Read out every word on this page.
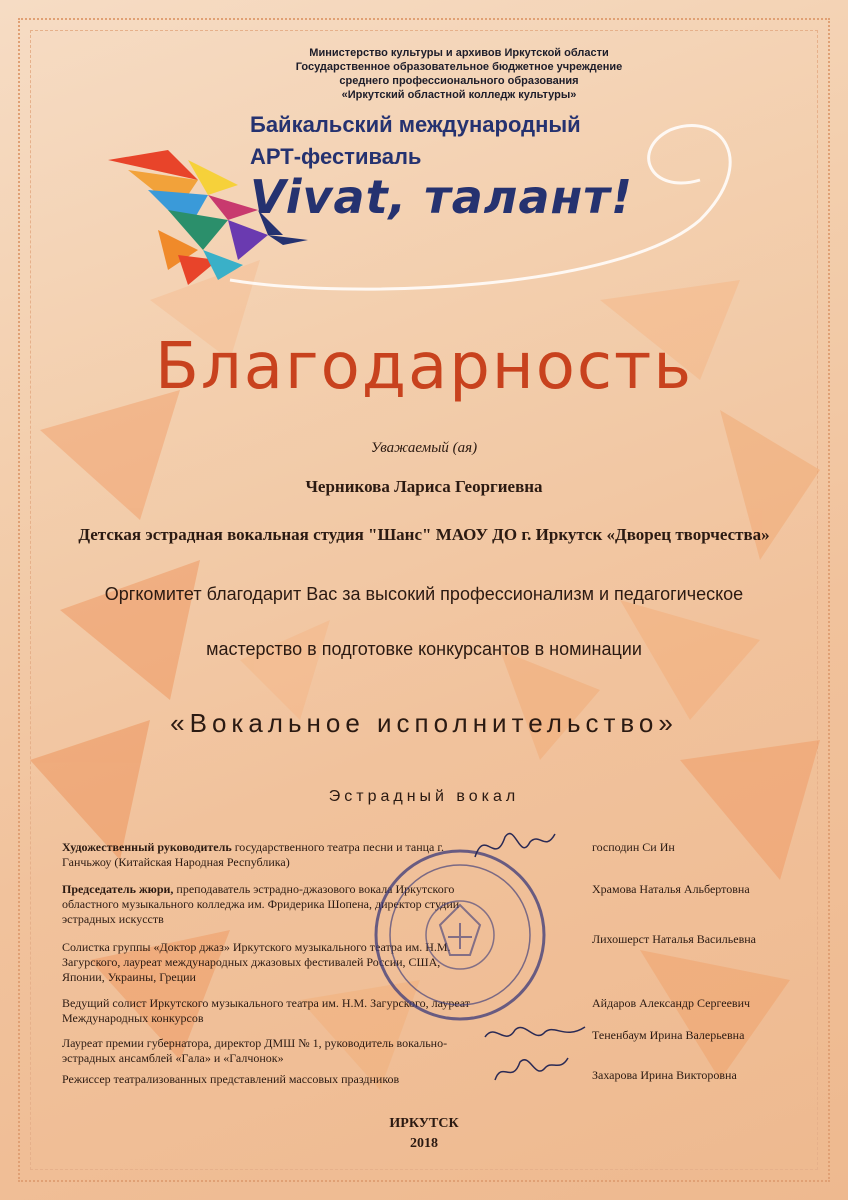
Министерство культуры и архивов Иркутской области
Государственное образовательное бюджетное учреждение
среднего профессионального образования
«Иркутский областной колледж культуры»
Байкальский международный
АРТ-фестиваль
Vivat, талант!
Благодарность
Уважаемый (ая)
Черникова Лариса Георгиевна
Детская эстрадная вокальная студия "Шанс" МАОУ ДО г. Иркутск «Дворец творчества»
Оргкомитет благодарит Вас за высокий профессионализм и педагогическое
мастерство в подготовке конкурсантов в номинации
«Вокальное исполнительство»
Эстрадный вокал
Художественный руководитель государственного театра песни и танца г. Ганчьжоу (Китайская Народная Республика)
господин Си Ин
Председатель жюри, преподаватель эстрадно-джазового вокала Иркутского областного музыкального колледжа им. Фридерика Шопена, директор студии эстрадных искусств
Храмова Наталья Альбертовна
Солистка группы «Доктор джаз» Иркутского музыкального театра им. Н.М. Загурского, лауреат международных джазовых фестивалей России, США, Японии, Украины, Греции
Лихошерст Наталья Васильевна
Ведущий солист Иркутского музыкального театра им. Н.М. Загурского, лауреат Международных конкурсов
Айдаров Александр Сергеевич
Лауреат премии губернатора, директор ДМШ № 1, руководитель вокально-эстрадных ансамблей «Гала» и «Галчонок»
Тененбаум Ирина Валерьевна
Режиссер театрализованных представлений массовых праздников	Захарова Ирина Викторовна
ИРКУТСК
2018
